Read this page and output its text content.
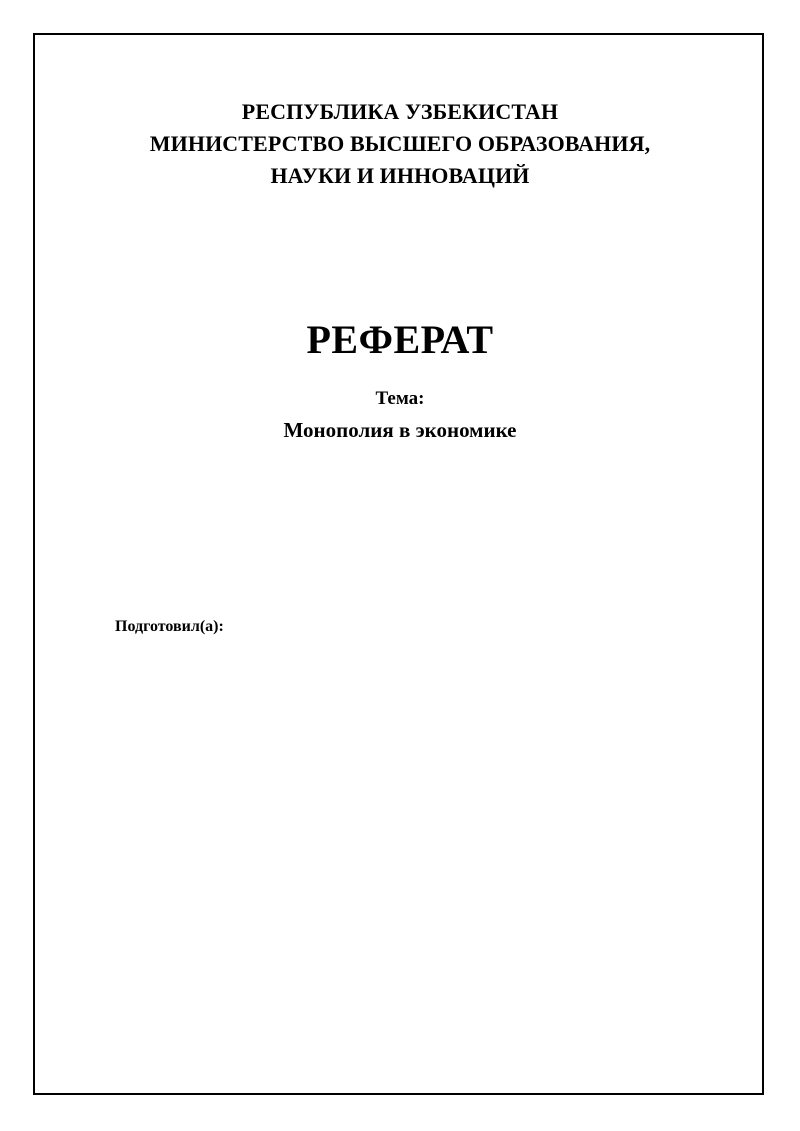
РЕСПУБЛИКА УЗБЕКИСТАН
МИНИСТЕРСТВО ВЫСШЕГО ОБРАЗОВАНИЯ,
НАУКИ И ИННОВАЦИЙ
РЕФЕРАТ
Тема:
Монополия в экономике
Подготовил(а):
